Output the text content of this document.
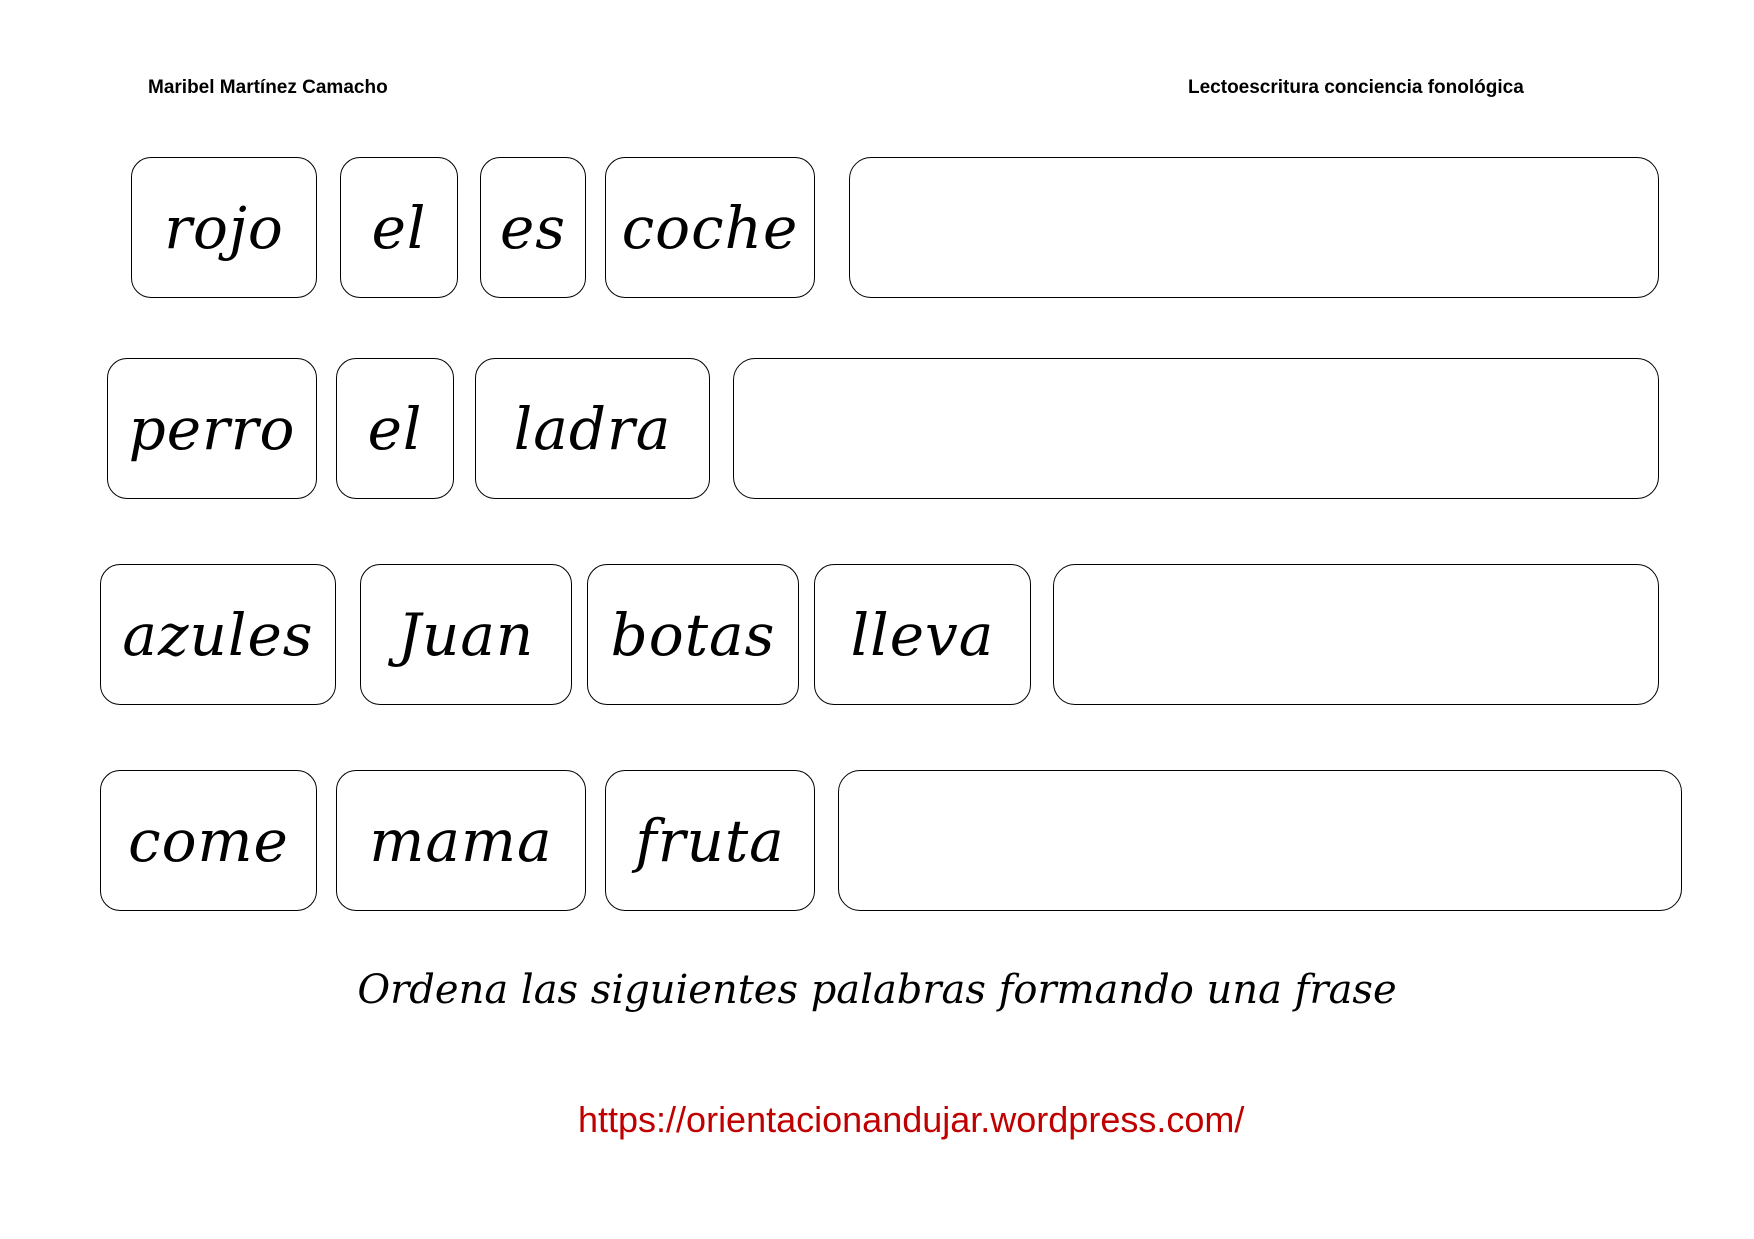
Maribel Martínez Camacho	Lectoescritura conciencia fonológica
rojo el es coche
perro el ladra
azules Juan botas lleva
come mama fruta
Ordena las siguientes palabras formando una frase
https://orientacionandujar.wordpress.com/
